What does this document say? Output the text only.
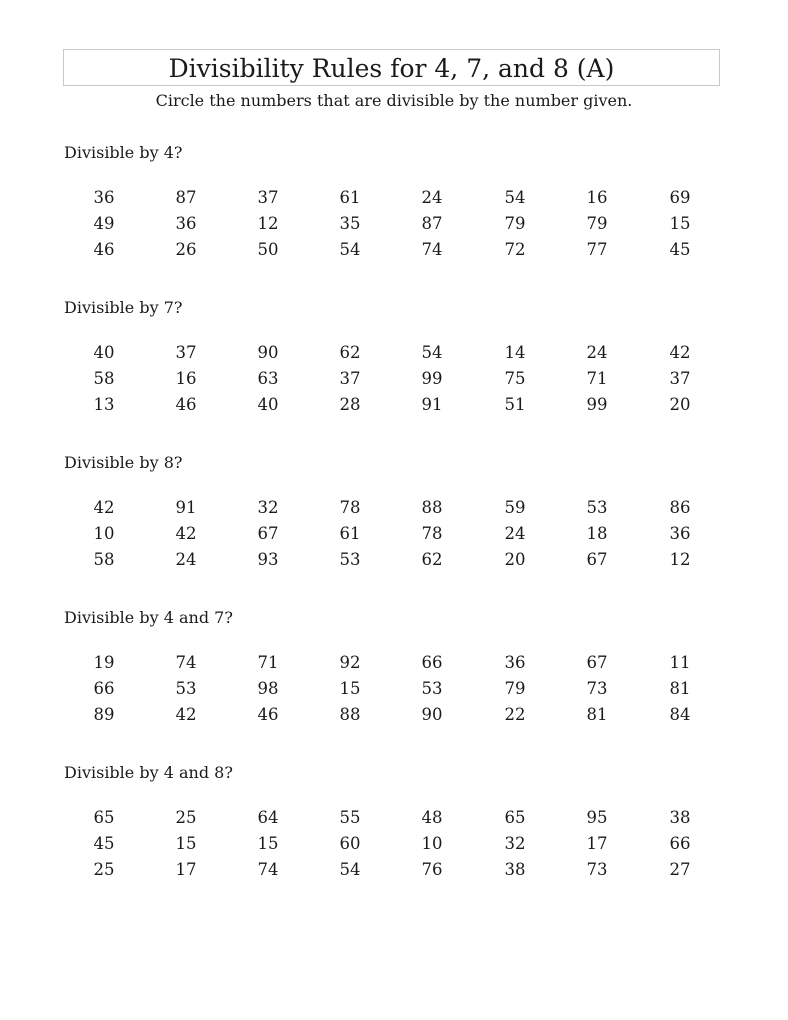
Divisibility Rules for 4, 7, and 8 (A)
Circle the numbers that are divisible by the number given.
Divisible by 4?
36	87	37	61	24	54	16	69
49	36	12	35	87	79	79	15
46	26	50	54	74	72	77	45
Divisible by 7?
40	37	90	62	54	14	24	42
58	16	63	37	99	75	71	37
13	46	40	28	91	51	99	20
Divisible by 8?
42	91	32	78	88	59	53	86
10	42	67	61	78	24	18	36
58	24	93	53	62	20	67	12
Divisible by 4 and 7?
19	74	71	92	66	36	67	11
66	53	98	15	53	79	73	81
89	42	46	88	90	22	81	84
Divisible by 4 and 8?
65	25	64	55	48	65	95	38
45	15	15	60	10	32	17	66
25	17	74	54	76	38	73	27
